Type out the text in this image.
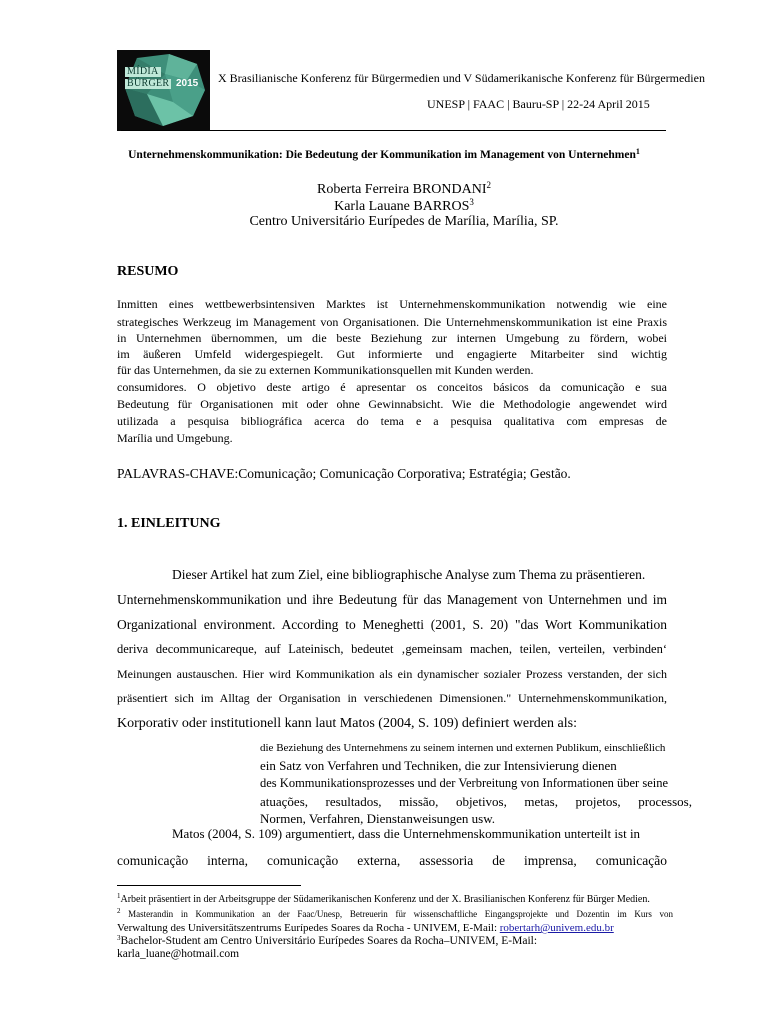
MÍDIA
BÜRGER 2015 X Brasilianische Konferenz für Bürgermedien und V Südamerikanische Konferenz für Bürgermedien
UNESP | FAAC | Bauru-SP | 22-24 April 2015
Unternehmenskommunikation: Die Bedeutung der Kommunikation im Management von Unternehmen$^1$
Roberta Ferreira BRONDANI$^2$
Karla Lauane BARROS$^3$
Centro Universitário Eurípedes de Marília, Marília, SP.
RESUMO
Inmitten eines wettbewerbsintensiven Marktes ist Unternehmenskommunikation notwendig wie eine
strategisches Werkzeug im Management von Organisationen. Die Unternehmenskommunikation ist eine Praxis
in Unternehmen übernommen, um die beste Beziehung zur internen Umgebung zu fördern, wobei
im äußeren Umfeld widergespiegelt. Gut informierte und engagierte Mitarbeiter sind wichtig
für das Unternehmen, da sie zu externen Kommunikationsquellen mit Kunden werden.
consumidores. O objetivo deste artigo é apresentar os conceitos básicos da comunicação e sua
Bedeutung für Organisationen mit oder ohne Gewinnabsicht. Wie die Methodologie angewendet wird
utilizada a pesquisa bibliográfica acerca do tema e a pesquisa qualitativa com empresas de
Marília und Umgebung.
PALAVRAS-CHAVE:Comunicação; Comunicação Corporativa; Estratégia; Gestão.
1. EINLEITUNG
Dieser Artikel hat zum Ziel, eine bibliographische Analyse zum Thema zu präsentieren.
Unternehmenskommunikation und ihre Bedeutung für das Management von Unternehmen und im
Organizational environment. According to Meneghetti (2001, S. 20) "das Wort Kommunikation
deriva decommunicareque, auf Lateinisch, bedeutet ‚gemeinsam machen, teilen, verteilen, verbinden‘
Meinungen austauschen. Hier wird Kommunikation als ein dynamischer sozialer Prozess verstanden, der sich
präsentiert sich im Alltag der Organisation in verschiedenen Dimensionen." Unternehmenskommunikation,
Korporativ oder institutionell kann laut Matos (2004, S. 109) definiert werden als:
die Beziehung des Unternehmens zu seinem internen und externen Publikum, einschließlich
ein Satz von Verfahren und Techniken, die zur Intensivierung dienen
des Kommunikationsprozesses und der Verbreitung von Informationen über seine
atuações, resultados, missão, objetivos, metas, projetos, processos,
Normen, Verfahren, Dienstanweisungen usw.
Matos (2004, S. 109) argumentiert, dass die Unternehmenskommunikation unterteilt ist in
comunicação interna, comunicação externa, assessoria de imprensa, comunicação
$^1$Arbeit präsentiert in der Arbeitsgruppe der Südamerikanischen Konferenz und der X. Brasilianischen Konferenz für Bürger Medien.
$^2$ Masterandin in Kommunikation an der Faac/Unesp, Betreuerin für wissenschaftliche Eingangsprojekte und Dozentin im Kurs von
Verwaltung des Universitätszentrums Eurípedes Soares da Rocha - UNIVEM, E-Mail: robertarh@univem.edu.br
$^3$Bachelor-Student am Centro Universitário Eurípedes Soares da Rocha–UNIVEM, E-Mail:
karla_luane@hotmail.com
